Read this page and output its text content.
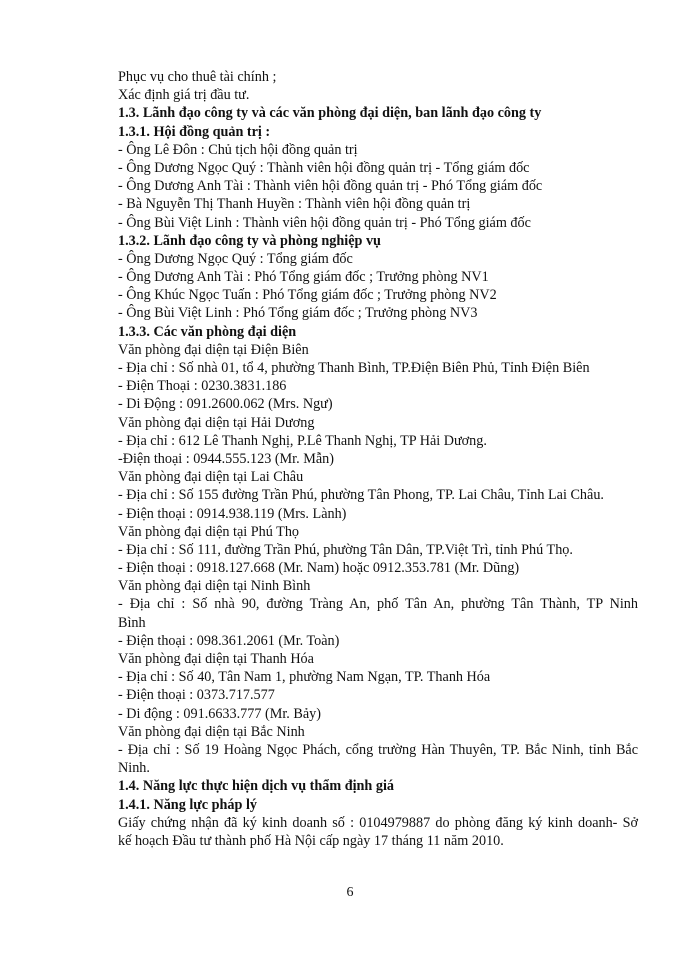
Phục vụ cho thuê tài chính ;
Xác định giá trị đầu tư.
1.3. Lãnh đạo công ty và các văn phòng đại diện, ban lãnh đạo công ty
1.3.1. Hội đồng quản trị :
- Ông Lê Đôn : Chủ tịch hội đồng quản trị
- Ông Dương Ngọc Quý : Thành viên hội đồng quản trị - Tổng giám đốc
- Ông Dương Anh Tài : Thành viên hội đồng quản trị - Phó Tổng giám đốc
- Bà Nguyễn Thị Thanh Huyền : Thành viên hội đồng quản trị
- Ông Bùi Việt Linh : Thành viên hội đồng quản trị - Phó Tổng giám đốc
1.3.2. Lãnh đạo công ty và phòng nghiệp vụ
- Ông Dương Ngọc Quý : Tổng giám đốc
- Ông Dương Anh Tài : Phó Tổng giám đốc ; Trưởng phòng NV1
- Ông Khúc Ngọc Tuấn : Phó Tổng giám đốc ; Trưởng phòng NV2
- Ông Bùi Việt Linh : Phó Tổng giám đốc ; Trưởng phòng NV3
1.3.3. Các văn phòng đại diện
Văn phòng đại diện tại Điện Biên
- Địa chỉ : Số nhà 01, tổ 4, phường Thanh Bình, TP.Điện Biên Phủ, Tỉnh Điện Biên
- Điện Thoại : 0230.3831.186
- Di Động : 091.2600.062 (Mrs. Ngư)
Văn phòng đại diện tại Hải Dương
- Địa chỉ : 612 Lê Thanh Nghị, P.Lê Thanh Nghị, TP Hải Dương.
-Điện thoại : 0944.555.123 (Mr. Mẫn)
Văn phòng đại diện tại Lai Châu
- Địa chỉ : Số 155 đường Trần Phú, phường Tân Phong, TP. Lai Châu, Tỉnh Lai Châu.
- Điện thoại : 0914.938.119 (Mrs. Lành)
Văn phòng đại diện tại Phú Thọ
- Địa chỉ : Số 111, đường Trần Phú, phường Tân Dân, TP.Việt Trì, tỉnh Phú Thọ.
- Điện thoại : 0918.127.668 (Mr. Nam) hoặc 0912.353.781 (Mr. Dũng)
Văn phòng đại diện tại Ninh Bình
- Địa chỉ : Số nhà 90, đường Tràng An, phố Tân An, phường Tân Thành, TP Ninh
Bình
- Điện thoại : 098.361.2061 (Mr. Toàn)
Văn phòng đại diện tại Thanh Hóa
- Địa chỉ : Số 40, Tân Nam 1, phường Nam Ngạn, TP. Thanh Hóa
- Điện thoại : 0373.717.577
- Di động : 091.6633.777 (Mr. Bảy)
Văn phòng đại diện tại Bắc Ninh
- Địa chỉ : Số 19 Hoàng Ngọc Phách, cổng trường Hàn Thuyên, TP. Bắc Ninh, tỉnh Bắc
Ninh.
1.4. Năng lực thực hiện dịch vụ thẩm định giá
1.4.1. Năng lực pháp lý
Giấy chứng nhận đã ký kinh doanh số : 0104979887 do phòng đăng ký kinh doanh- Sở
kế hoạch Đầu tư thành phố Hà Nội cấp ngày 17 tháng 11 năm 2010.
6
